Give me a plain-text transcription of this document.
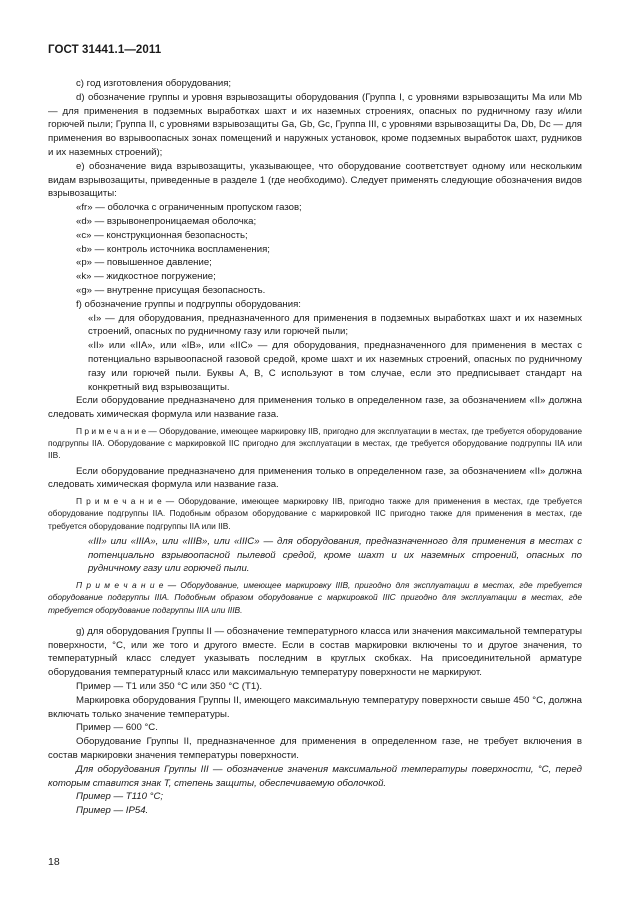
ГОСТ 31441.1—2011

c) год изготовления оборудования;

d) обозначение группы и уровня взрывозащиты оборудования (Группа I, с уровнями взрывозащиты Ма или Мb — для применения в подземных выработках шахт и их наземных строениях, опасных по рудничному газу и/или горючей пыли; Группа II, с уровнями взрывозащиты Ga, Gb, Gc, Группа III, с уровнями взрывозащиты Da, Db, Dc — для применения во взрывоопасных зонах помещений и наружных установок, кроме подземных выработок шахт, рудников и их наземных строений);

e) обозначение вида взрывозащиты, указывающее, что оборудование соответствует одному или нескольким видам взрывозащиты, приведенные в разделе 1 (где необходимо). Следует применять следующие обозначения видов взрывозащиты:

«fr» — оболочка с ограниченным пропуском газов;

«d» — взрывонепроницаемая оболочка;

«c» — конструкционная безопасность;

«b» — контроль источника воспламенения;

«p» — повышенное давление;

«k» — жидкостное погружение;

«g» — внутренне присущая безопасность.

f) обозначение группы и подгруппы оборудования:

«I» — для оборудования, предназначенного для применения в подземных выработках шахт и их наземных строений, опасных по рудничному газу или горючей пыли;

«II» или «IIA», или «IB», или «IIC» — для оборудования, предназначенного для применения в местах с потенциально взрывоопасной газовой средой, кроме шахт и их наземных строений, опасных по рудничному газу или горючей пыли. Буквы А, В, С используют в том случае, если это предписывает стандарт на конкретный вид взрывозащиты.

Если оборудование предназначено для применения только в определенном газе, за обозначением «II» должна следовать химическая формула или название газа.

П р и м е ч а н и е — Оборудование, имеющее маркировку IIB, пригодно для эксплуатации в местах, где требуется оборудование подгруппы IIA. Оборудование с маркировкой IIC пригодно для эксплуатации в местах, где требуется оборудование подгруппы IIA или IIB.

Если оборудование предназначено для применения только в определенном газе, за обозначением «II» должна следовать химическая формула или название газа.

П р и м е ч а н и е — Оборудование, имеющее маркировку IIB, пригодно также для применения в местах, где требуется оборудование подгруппы IIA. Подобным образом оборудование с маркировкой IIC пригодно также для применения в местах, где требуется оборудование подгруппы IIA или IIB.

«III» или «IIIA», или «IIIB», или «IIIC» — для оборудования, предназначенного для применения в местах с потенциально взрывоопасной пылевой средой, кроме шахт и их наземных строений, опасных по рудничному газу или горючей пыли.

П р и м е ч а н и е — Оборудование, имеющее маркировку IIIB, пригодно для эксплуатации в местах, где требуется оборудование подгруппы IIIA. Подобным образом оборудование с маркировкой IIIC пригодно для эксплуатации в местах, где требуется оборудование подгруппы IIIA или IIIB.

g) для оборудования Группы II — обозначение температурного класса или значения максимальной температуры поверхности, °C, или же того и другого вместе. Если в состав маркировки включены то и другое значения, то температурный класс следует указывать последним в круглых скобках. На присоединительной арматуре оборудования температурный класс или максимальную температуру поверхности не маркируют.

Пример — T1 или 350 °C или 350 °C (T1).

Маркировка оборудования Группы II, имеющего максимальную температуру поверхности свыше 450 °C, должна включать только значение температуры.

Пример — 600 °C.

Оборудование Группы II, предназначенное для применения в определенном газе, не требует включения в состав маркировки значения температуры поверхности.

Для оборудования Группы III — обозначение значения максимальной температуры поверхности, °C, перед которым ставится знак T, степень защиты, обеспечиваемую оболочкой.

Пример — T110 °C;

Пример — IP54.

18
